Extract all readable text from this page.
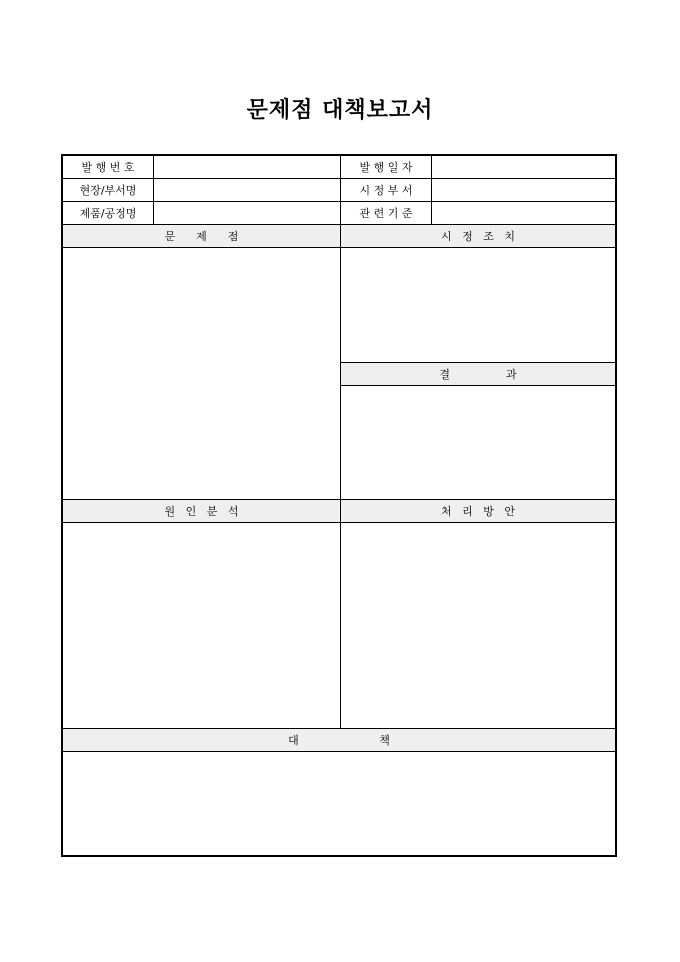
문제점 대책보고서
발 행 번 호	발 행 일 자
현장/부서명	시 정 부 서
제품/공정명	관 련 기 준
문      제      점	시   정   조   치
결                과
원   인   분   석	처   리   방   안
대                       책
